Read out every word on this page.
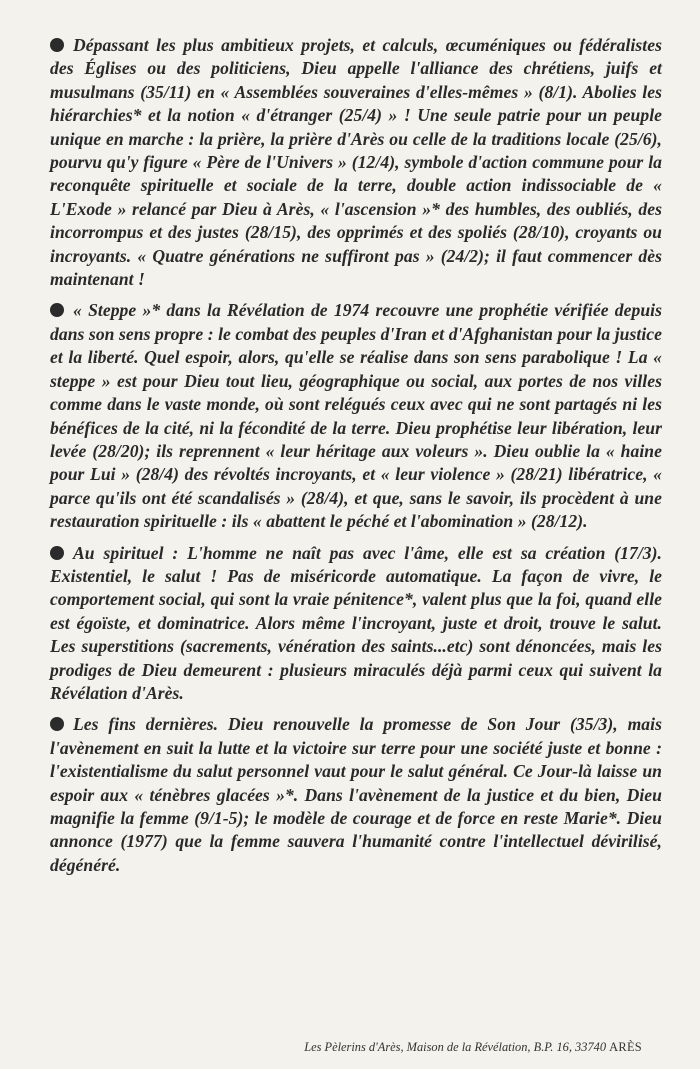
Dépassant les plus ambitieux projets, et calculs, œcuméniques ou fédéralistes des Églises ou des politiciens, Dieu appelle l'alliance des chrétiens, juifs et musulmans (35/11) en « Assemblées souveraines d'elles-mêmes » (8/1). Abolies les hiérarchies* et la notion « d'étranger (25/4) » ! Une seule patrie pour un peuple unique en marche : la prière, la prière d'Arès ou celle de la traditions locale (25/6), pourvu qu'y figure « Père de l'Univers » (12/4), symbole d'action commune pour la reconquête spirituelle et sociale de la terre, double action indissociable de « L'Exode » relancé par Dieu à Arès, « l'ascension »* des humbles, des oubliés, des incorrompus et des justes (28/15), des opprimés et des spoliés (28/10), croyants ou incroyants. « Quatre générations ne suffiront pas » (24/2); il faut commencer dès maintenant !

« Steppe »* dans la Révélation de 1974 recouvre une prophétie vérifiée depuis dans son sens propre : le combat des peuples d'Iran et d'Afghanistan pour la justice et la liberté. Quel espoir, alors, qu'elle se réalise dans son sens parabolique ! La « steppe » est pour Dieu tout lieu, géographique ou social, aux portes de nos villes comme dans le vaste monde, où sont relégués ceux avec qui ne sont partagés ni les bénéfices de la cité, ni la fécondité de la terre. Dieu prophétise leur libération, leur levée (28/20); ils reprennent « leur héritage aux voleurs ». Dieu oublie la « haine pour Lui » (28/4) des révoltés incroyants, et « leur violence » (28/21) libératrice, « parce qu'ils ont été scandalisés » (28/4), et que, sans le savoir, ils procèdent à une restauration spirituelle : ils « abattent le péché et l'abomination » (28/12).

Au spirituel : L'homme ne naît pas avec l'âme, elle est sa création (17/3). Existentiel, le salut ! Pas de miséricorde automatique. La façon de vivre, le comportement social, qui sont la vraie pénitence*, valent plus que la foi, quand elle est égoïste, et dominatrice. Alors même l'incroyant, juste et droit, trouve le salut. Les superstitions (sacrements, vénération des saints...etc) sont dénoncées, mais les prodiges de Dieu demeurent : plusieurs miraculés déjà parmi ceux qui suivent la Révélation d'Arès.

Les fins dernières. Dieu renouvelle la promesse de Son Jour (35/3), mais l'avènement en suit la lutte et la victoire sur terre pour une société juste et bonne : l'existentialisme du salut personnel vaut pour le salut général. Ce Jour-là laisse un espoir aux « ténèbres glacées »*. Dans l'avènement de la justice et du bien, Dieu magnifie la femme (9/1-5); le modèle de courage et de force en reste Marie*. Dieu annonce (1977) que la femme sauvera l'humanité contre l'intellectuel dévirilisé, dégénéré.

Les Pèlerins d'Arès, Maison de la Révélation, B.P. 16, 33740 ARÈS
